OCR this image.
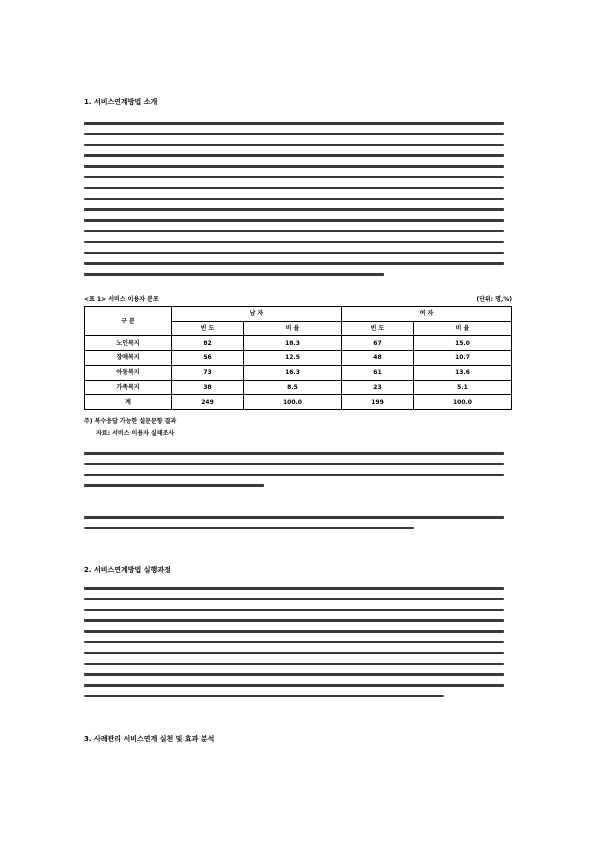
1. 서비스연계방법 소개
<표 1> 서비스 이용자 분포	(단위: 명,%)
구 분	남 자		여 자	
	빈 도	비 율	빈 도	비 율
노인복지	82	18.3	67	15.0
장애복지	56	12.5	48	10.7
아동복지	73	16.3	61	13.6
가족복지	38	8.5	23	5.1
계	249	100.0	199	100.0
주) 복수응답 가능한 설문문항 결과
자료: 서비스 이용자 실태조사
2. 서비스연계방법 실행과정
3. 사례관리 서비스연계 실천 및 효과 분석
